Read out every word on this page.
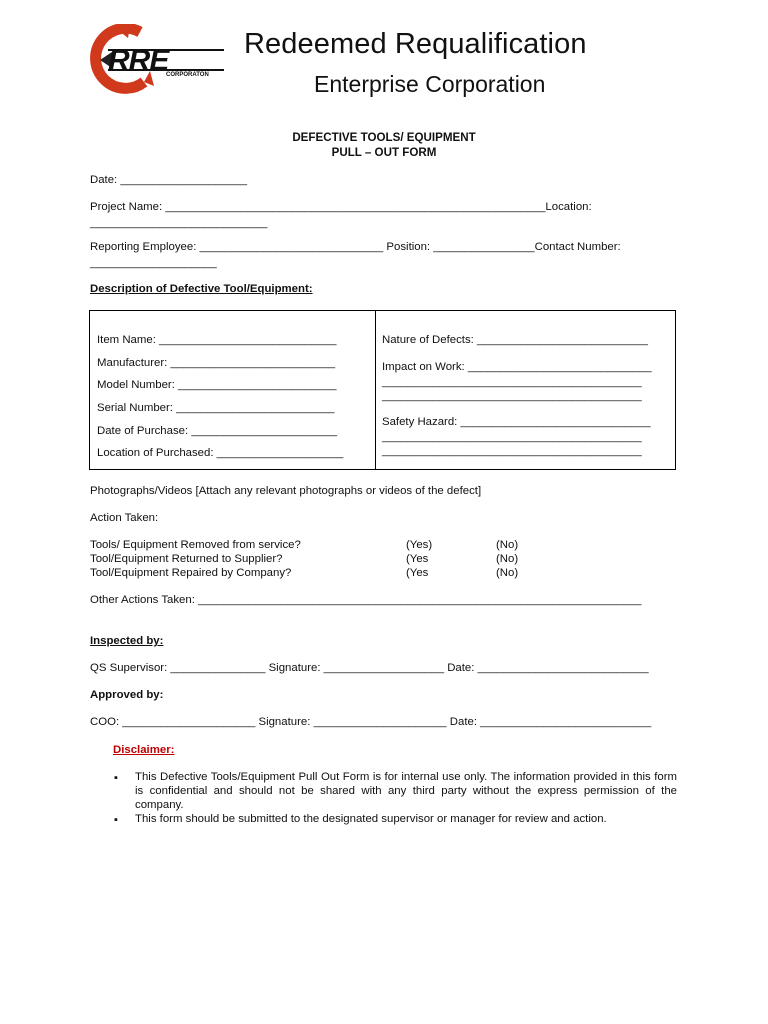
RRE
CORPORATON
Redeemed Requalification
Enterprise Corporation
DEFECTIVE TOOLS/ EQUIPMENT
PULL – OUT FORM
Date: ____________________
Project Name: ____________________________________________________________Location:
____________________________
Reporting Employee: _____________________________ Position: ________________Contact Number:
____________________
Description of Defective Tool/Equipment:
Item Name: ____________________________
Manufacturer: __________________________
Model Number: _________________________
Serial Number: _________________________
Date of Purchase: _______________________
Location of Purchased: ____________________
Nature of Defects: ___________________________
Impact on Work: _____________________________
_________________________________________
_________________________________________
Safety Hazard: ______________________________
_________________________________________
_________________________________________
Photographs/Videos [Attach any relevant photographs or videos of the defect]
Action Taken:
Tools/ Equipment Removed from service?	(Yes)	(No)
Tool/Equipment Returned to Supplier?	(Yes	(No)
Tool/Equipment Repaired by Company?	(Yes	(No)
Other Actions Taken: ______________________________________________________________________
Inspected by:
QS Supervisor: _______________ Signature: ___________________ Date: ___________________________
Approved by:
COO: _____________________ Signature: _____________________ Date: ___________________________
Disclaimer:
▪ This Defective Tools/Equipment Pull Out Form is for internal use only. The information provided in this form is confidential and should not be shared with any third party without the express permission of the company.
▪ This form should be submitted to the designated supervisor or manager for review and action.
